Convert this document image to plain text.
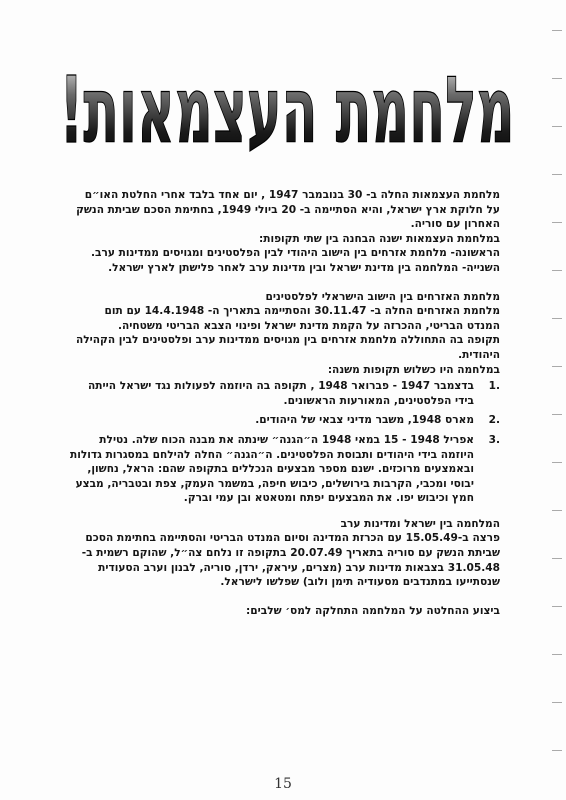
מלחמת העצמאות!

מלחמת העצמאות החלה ב- 30 בנובמבר 1947 , יום אחד בלבד אחרי החלטת האו״ם על חלוקת ארץ ישראל, והיא הסתיימה ב- 20 ביולי 1949, בחתימת הסכם שביתת הנשק האחרון עם סוריה.

במלחמת העצמאות ישנה הבחנה בין שתי תקופות:

הראשונה- מלחמת אזרחים בין הישוב היהודי לבין הפלסטינים ומגויסים ממדינות ערב.

השנייה- המלחמה בין מדינת ישראל ובין מדינות ערב לאחר פלישתן לארץ ישראל.

מלחמת האזרחים בין הישוב הישראלי לפלסטינים

מלחמת האזרחים החלה ב- 30.11.47 והסתיימה בתאריך ה- 14.4.1948 עם תום המנדט הבריטי, ההכרזה על הקמת מדינת ישראל ופינוי הצבא הבריטי משטחיה.

תקופה בה התחוללה מלחמת אזרחים בין מגויסים ממדינות ערב ופלסטינים לבין הקהילה היהודית.

במלחמה היו כשלוש תקופות משנה:

1.
בדצמבר 1947 - פברואר 1948 , תקופה בה היוזמה לפעולות נגד ישראל הייתה בידי הפלסטינים, המאורעות הראשונים.
2.
מארס 1948, משבר מדיני צבאי של היהודים.
3.
אפריל 1948 - 15 במאי 1948 ה״הגנה״ שינתה את מבנה הכוח שלה. נטילת היוזמה בידי היהודים ותבוסת הפלסטינים. ה״הגנה״ החלה להילחם במסגרות גדולות ובאמצעים מרוכזים. ישנם מספר מבצעים הנכללים בתקופה שהם: הראל, נחשון, יבוסי ומכבי, הקרבות בירושלים, כיבוש חיפה, במשמר העמק, צפת ובטבריה, מבצע חמץ וכיבוש יפו. את המבצעים יפתח ומטאטא ובן עמי וברק.

המלחמה בין ישראל ומדינות ערב

פרצה ב-15.05.49 עם הכרזת המדינה וסיום המנדט הבריטי והסתיימה בחתימת הסכם שביתת הנשק עם סוריה בתאריך 20.07.49 בתקופה זו נלחם צה״ל, שהוקם רשמית ב- 31.05.48 בצבאות מדינות ערב (מצרים, עיראק, ירדן, סוריה, לבנון וערב הסעודית שנסתייעו במתנדבים מסעודיה תימן ולוב) שפלשו לישראל.

ביצוע ההחלטה על המלחמה התחלקה למס׳ שלבים:

15
